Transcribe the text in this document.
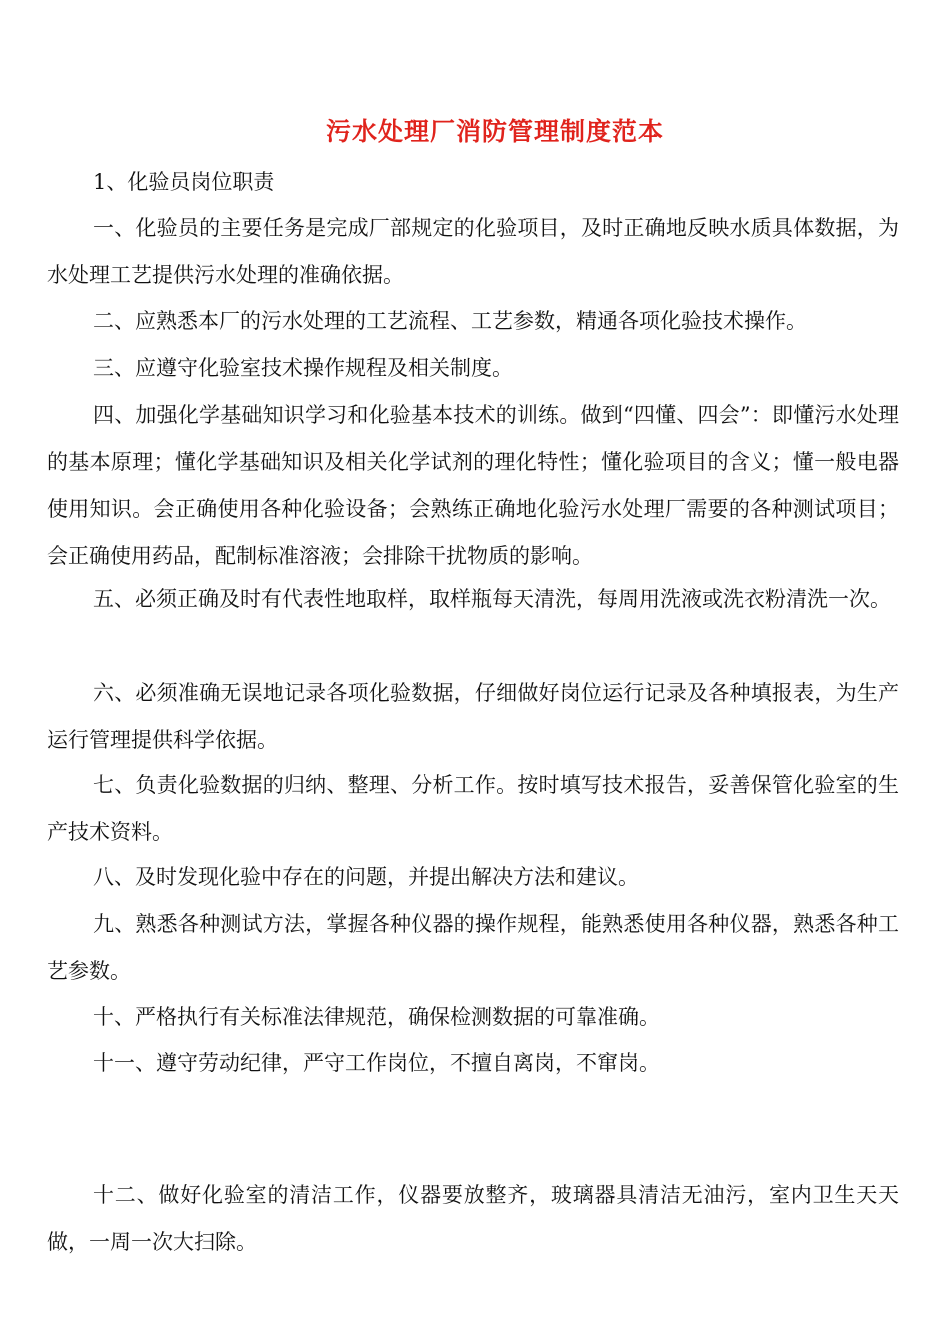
污水处理厂消防管理制度范本

1、化验员岗位职责

一、化验员的主要任务是完成厂部规定的化验项目，及时正确地反映水质具体数据，为水处理工艺提供污水处理的准确依据。

二、应熟悉本厂的污水处理的工艺流程、工艺参数，精通各项化验技术操作。

三、应遵守化验室技术操作规程及相关制度。

四、加强化学基础知识学习和化验基本技术的训练。做到“四懂、四会”：即懂污水处理的基本原理；懂化学基础知识及相关化学试剂的理化特性；懂化验项目的含义；懂一般电器使用知识。会正确使用各种化验设备；会熟练正确地化验污水处理厂需要的各种测试项目；会正确使用药品，配制标准溶液；会排除干扰物质的影响。

五、必须正确及时有代表性地取样，取样瓶每天清洗，每周用洗液或洗衣粉清洗一次。

六、必须准确无误地记录各项化验数据，仔细做好岗位运行记录及各种填报表，为生产运行管理提供科学依据。

七、负责化验数据的归纳、整理、分析工作。按时填写技术报告，妥善保管化验室的生产技术资料。

八、及时发现化验中存在的问题，并提出解决方法和建议。

九、熟悉各种测试方法，掌握各种仪器的操作规程，能熟悉使用各种仪器，熟悉各种工艺参数。

十、严格执行有关标准法律规范，确保检测数据的可靠准确。

十一、遵守劳动纪律，严守工作岗位，不擅自离岗，不窜岗。

十二、做好化验室的清洁工作，仪器要放整齐，玻璃器具清洁无油污，室内卫生天天做，一周一次大扫除。
